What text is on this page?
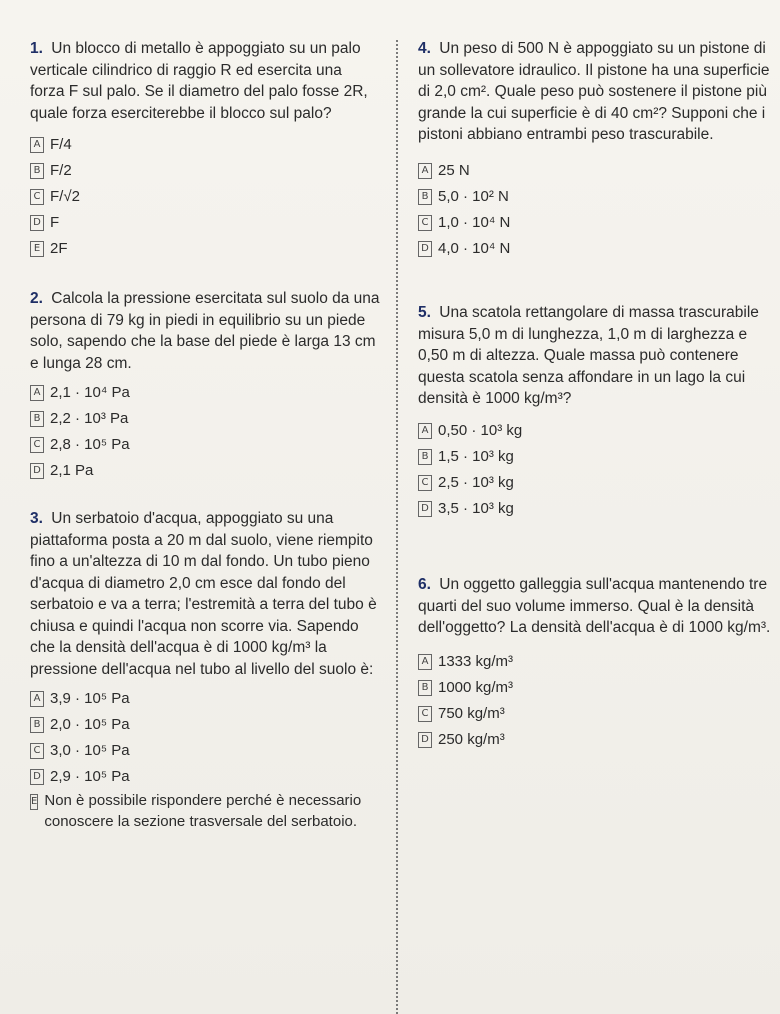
1. Un blocco di metallo è appoggiato su un palo verticale cilindrico di raggio R ed esercita una forza F sul palo. Se il diametro del palo fosse 2R, quale forza eserciterebbe il blocco sul palo?

A F/4
B F/2
C F/√2
D F
E 2F

2. Calcola la pressione esercitata sul suolo da una persona di 79 kg in piedi in equilibrio su un piede solo, sapendo che la base del piede è larga 13 cm e lunga 28 cm.

A 2,1 · 10⁴ Pa
B 2,2 · 10³ Pa
C 2,8 · 10⁵ Pa
D 2,1 Pa

3. Un serbatoio d'acqua, appoggiato su una piattaforma posta a 20 m dal suolo, viene riempito fino a un'altezza di 10 m dal fondo. Un tubo pieno d'acqua di diametro 2,0 cm esce dal fondo del serbatoio e va a terra; l'estremità a terra del tubo è chiusa e quindi l'acqua non scorre via. Sapendo che la densità dell'acqua è di 1000 kg/m³ la pressione dell'acqua nel tubo al livello del suolo è:

A 3,9 · 10⁵ Pa
B 2,0 · 10⁵ Pa
C 3,0 · 10⁵ Pa
D 2,9 · 10⁵ Pa
E Non è possibile rispondere perché è necessario conoscere la sezione trasversale del serbatoio.

4. Un peso di 500 N è appoggiato su un pistone di un sollevatore idraulico. Il pistone ha una superficie di 2,0 cm². Quale peso può sostenere il pistone più grande la cui superficie è di 40 cm²? Supponi che i pistoni abbiano entrambi peso trascurabile.

A 25 N
B 5,0 · 10² N
C 1,0 · 10⁴ N
D 4,0 · 10⁴ N

5. Una scatola rettangolare di massa trascurabile misura 5,0 m di lunghezza, 1,0 m di larghezza e 0,50 m di altezza. Quale massa può contenere questa scatola senza affondare in un lago la cui densità è 1000 kg/m³?

A 0,50 · 10³ kg
B 1,5 · 10³ kg
C 2,5 · 10³ kg
D 3,5 · 10³ kg

6. Un oggetto galleggia sull'acqua mantenendo tre quarti del suo volume immerso. Qual è la densità dell'oggetto? La densità dell'acqua è di 1000 kg/m³.

A 1333 kg/m³
B 1000 kg/m³
C 750 kg/m³
D 250 kg/m³
